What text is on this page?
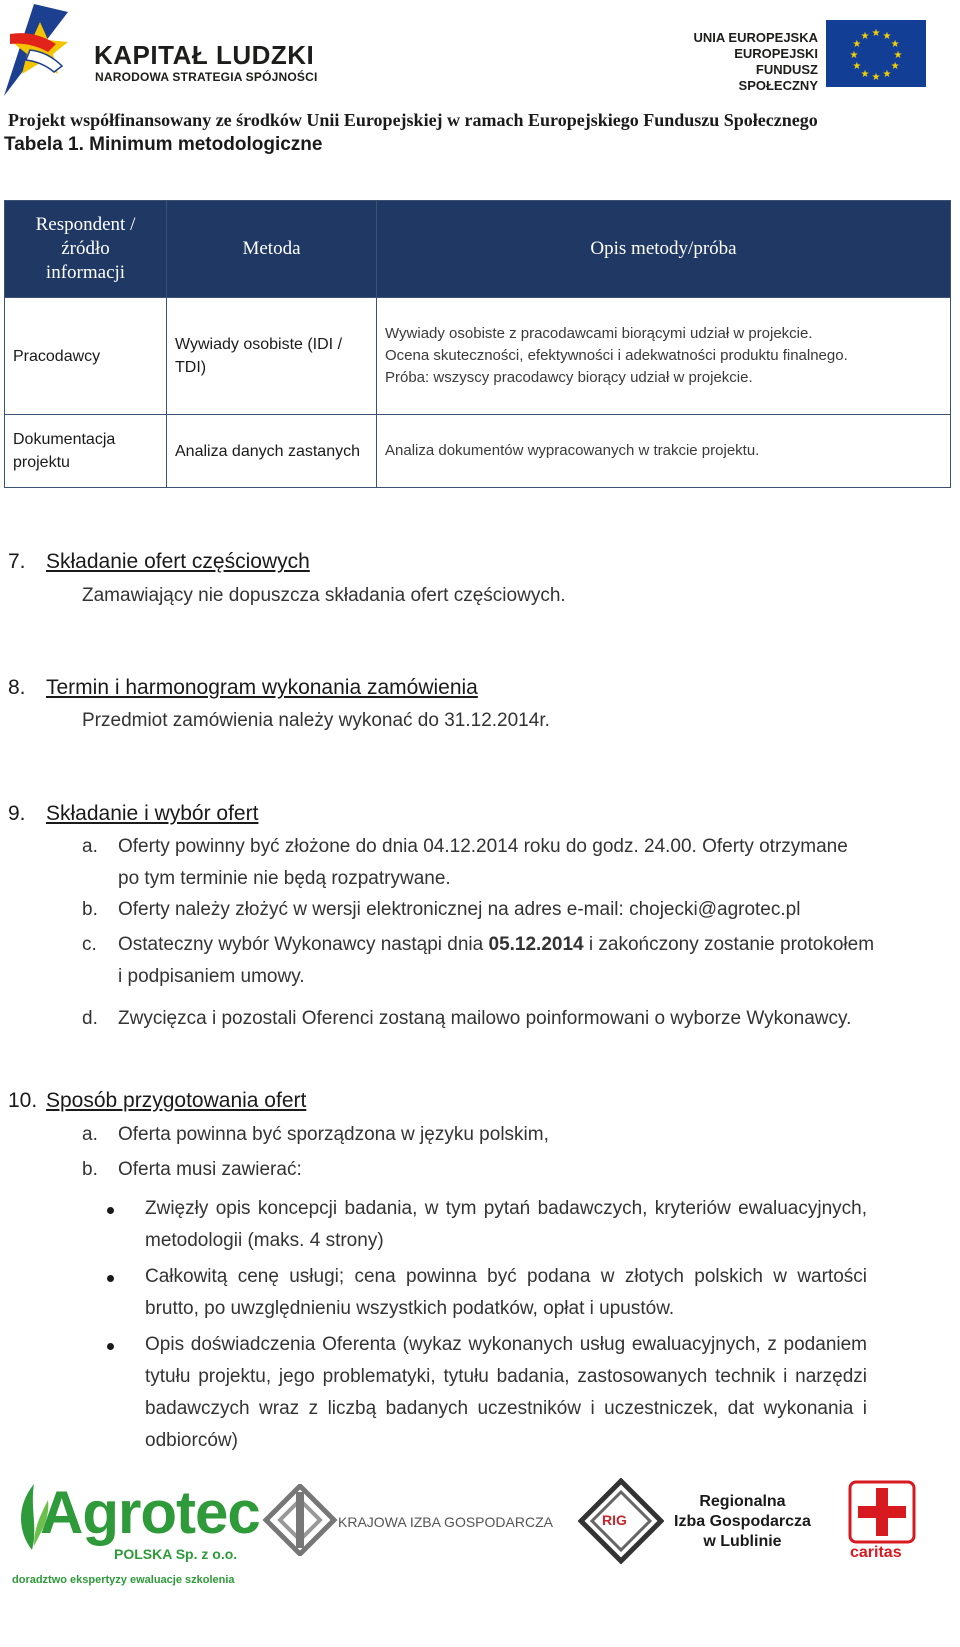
KAPITAŁ LUDZKI
NARODOWA STRATEGIA SPÓJNOŚCI
UNIA EUROPEJSKA
EUROPEJSKI
FUNDUSZ SPOŁECZNY
★
★
★
★
★
★
★
★
★ ★ ★
★
Projekt współfinansowany ze środków Unii Europejskiej w ramach Europejskiego Funduszu Społecznego
Tabela 1. Minimum metodologiczne
Respondent / źródło informacji	Metoda	Opis metody/próba
Pracodawcy	Wywiady osobiste (IDI / TDI)	Wywiady osobiste z pracodawcami biorącymi udział w projekcie.
Ocena skuteczności, efektywności i adekwatności produktu finalnego.
Próba: wszyscy pracodawcy biorący udział w projekcie.

Dokumentacja projektu	Analiza danych zastanych	Analiza dokumentów wypracowanych w trakcie projektu.
7. Składanie ofert częściowych
Zamawiający nie dopuszcza składania ofert częściowych.
8. Termin i harmonogram wykonania zamówienia
Przedmiot zamówienia należy wykonać do 31.12.2014r.
9. Składanie i wybór ofert
a.	Oferty powinny być złożone do dnia 04.12.2014 roku do godz. 24.00. Oferty otrzymane
po tym terminie nie będą rozpatrywane.
b.	Oferty należy złożyć w wersji elektronicznej na adres e-mail: chojecki@agrotec.pl
c.	Ostateczny wybór Wykonawcy nastąpi dnia 05.12.2014 i zakończony zostanie protokołem
i podpisaniem umowy.
d.	Zwycięzca i pozostali Oferenci zostaną mailowo poinformowani o wyborze Wykonawcy.
10. Sposób przygotowania ofert
a.	Oferta powinna być sporządzona w języku polskim,
b.	Oferta musi zawierać:
Zwięzły opis koncepcji badania, w tym pytań badawczych, kryteriów ewaluacyjnych, metodologii (maks. 4 strony)
Całkowitą cenę usługi; cena powinna być podana w złotych polskich w wartości brutto, po uwzględnieniu wszystkich podatków, opłat i upustów.
Opis doświadczenia Oferenta (wykaz wykonanych usług ewaluacyjnych, z podaniem tytułu projektu, jego problematyki, tytułu badania, zastosowanych technik i narzędzi badawczych wraz z liczbą badanych uczestników i uczestniczek, dat wykonania i odbiorców)
Agrotec
POLSKA Sp. z o.o.
doradztwo ekspertyzy ewaluacje szkolenia
KRAJOWA IZBA GOSPODARCZA	RIG
Regionalna
Izba Gospodarcza
w Lublinie
caritas
